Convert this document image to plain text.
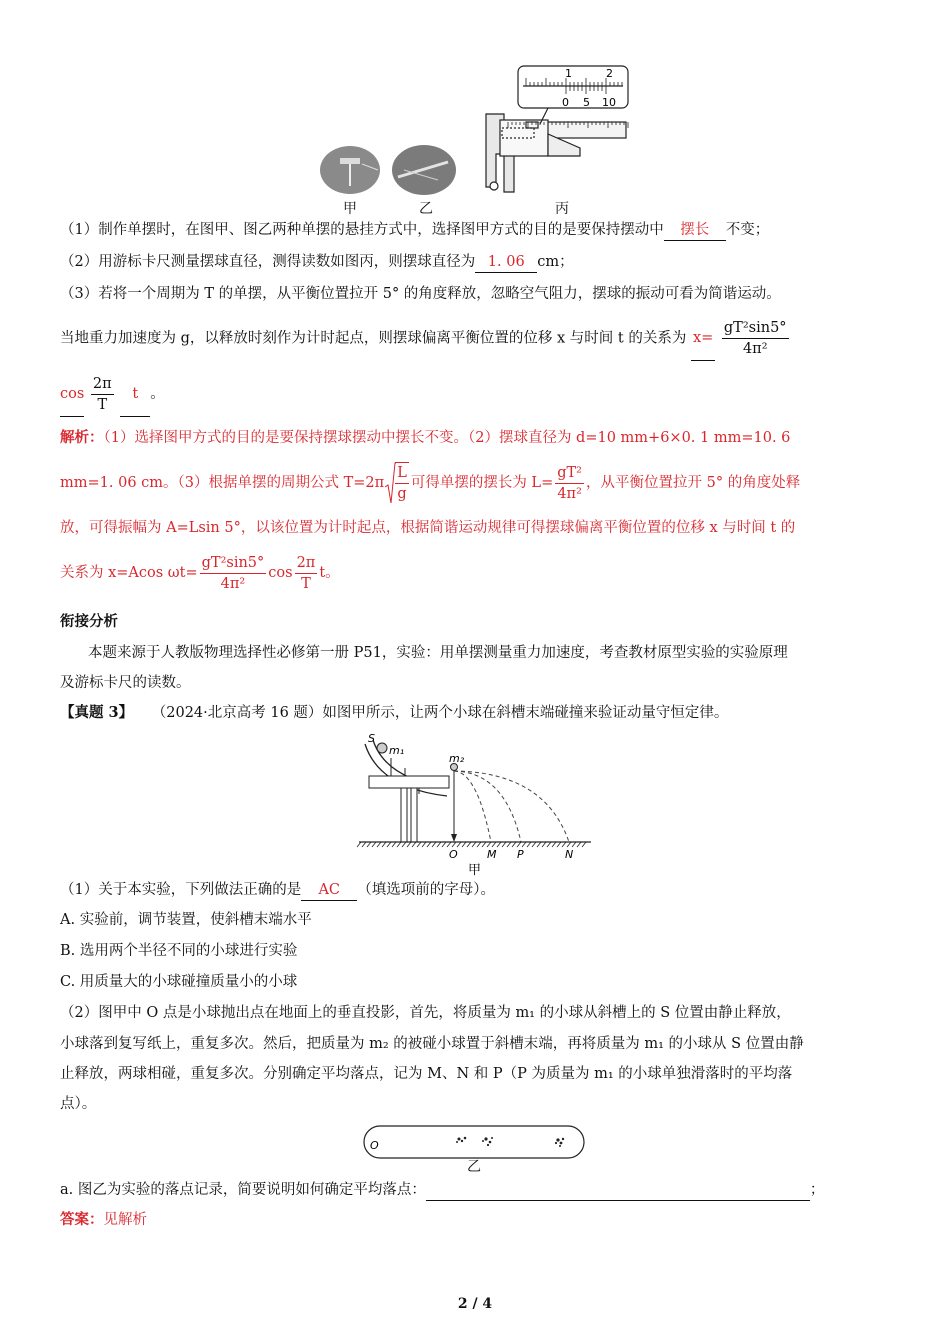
1	2
0 5 10
甲	乙	丙
（1）制作单摆时，在图甲、图乙两种单摆的悬挂方式中，选择图甲方式的目的是要保持摆动中 摆长 不变；
（2）用游标卡尺测量摆球直径，测得读数如图丙，则摆球直径为 1. 06 cm；
（3）若将一个周期为 T 的单摆，从平衡位置拉开 5° 的角度释放，忽略空气阻力，摆球的振动可看为简谐运动。
当地重力加速度为 g，以释放时刻作为计时起点，则摆球偏离平衡位置的位移 x 与时间 t 的关系为 $x= \frac{\text{gT²sin5°}}{\text{4π²}}$
$\cos \frac{2\pi}{T}$ t 。
解析：（1）选择图甲方式的目的是要保持摆球摆动中摆长不变。（2）摆球直径为 d=10 mm+6×0. 1 mm=10. 6
mm=1. 06 cm。（3）根据单摆的周期公式 $T=2\pi \frac{L}{g}$ 可得单摆的摆长为 $L= \frac{\text{gT²}}{\text{4π²}}$ ，从平衡位置拉开 5° 的角度处释
放，可得振幅为 A=Lsin 5°，以该位置为计时起点，根据简谐运动规律可得摆球偏离平衡位置的位移 x 与时间 t 的
关系为 x=Acos $\omega t= \frac{\text{gT²sin5°}}{\text{4π²}}$ $\cos \frac{2\pi}{T}$ t。
衔接分析
本题来源于人教版物理选择性必修第一册 P51，实验：用单摆测量重力加速度，考查教材原型实验的实验原理
及游标卡尺的读数。
【真题 3】 （2024·北京高考 16 题）如图甲所示，让两个小球在斜槽末端碰撞来验证动量守恒定律。
S
m₁
m₂
O	M P	N
甲
（1）关于本实验，下列做法正确的是 AC （填选项前的字母）。
A. 实验前，调节装置，使斜槽末端水平
B. 选用两个半径不同的小球进行实验
C. 用质量大的小球碰撞质量小的小球
（2）图甲中 O 点是小球抛出点在地面上的垂直投影，首先，将质量为 m₁ 的小球从斜槽上的 S 位置由静止释放，
小球落到复写纸上，重复多次。然后，把质量为 m₂ 的被碰小球置于斜槽末端，再将质量为 m₁ 的小球从 S 位置由静
止释放，两球相碰，重复多次。分别确定平均落点，记为 M、N 和 P（P 为质量为 m₁ 的小球单独滑落时的平均落
点）。
O
乙
a. 图乙为实验的落点记录，简要说明如何确定平均落点：	；
答案：见解析
2 / 4
